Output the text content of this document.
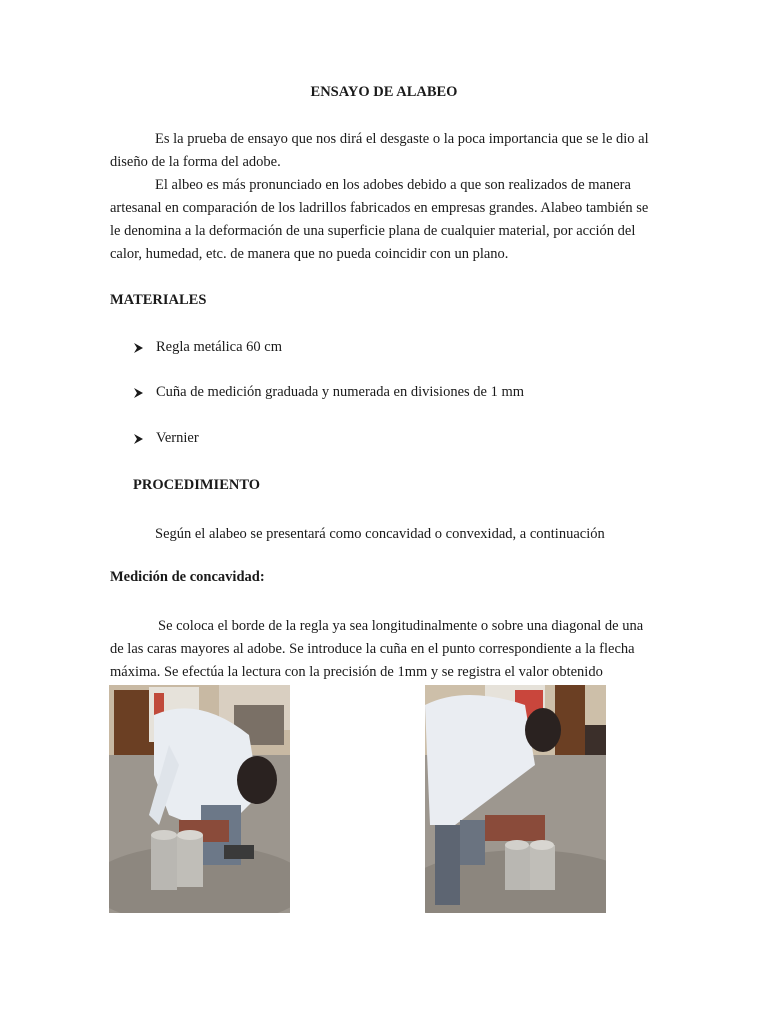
ENSAYO DE ALABEO

Es la prueba de ensayo que nos dirá el desgaste o la poca importancia que se le dio al diseño de la forma del adobe.

El albeo es más pronunciado en los adobes debido a que son realizados de manera artesanal en comparación de los ladrillos fabricados en empresas grandes. Alabeo también se le denomina a la deformación de una superficie plana de cualquier material, por acción del calor, humedad, etc. de manera que no pueda coincidir con un plano.

MATERIALES
Regla metálica 60 cm
Cuña de medición graduada y numerada en divisiones de 1 mm
Vernier
PROCEDIMIENTO

Según el alabeo se presentará como concavidad o convexidad, a continuación

Medición de concavidad:

Se coloca el borde de la regla ya sea longitudinalmente o sobre una diagonal de una de las caras mayores al adobe. Se introduce la cuña en el punto correspondiente a la flecha máxima. Se efectúa la lectura con la precisión de 1mm y se registra el valor obtenido
